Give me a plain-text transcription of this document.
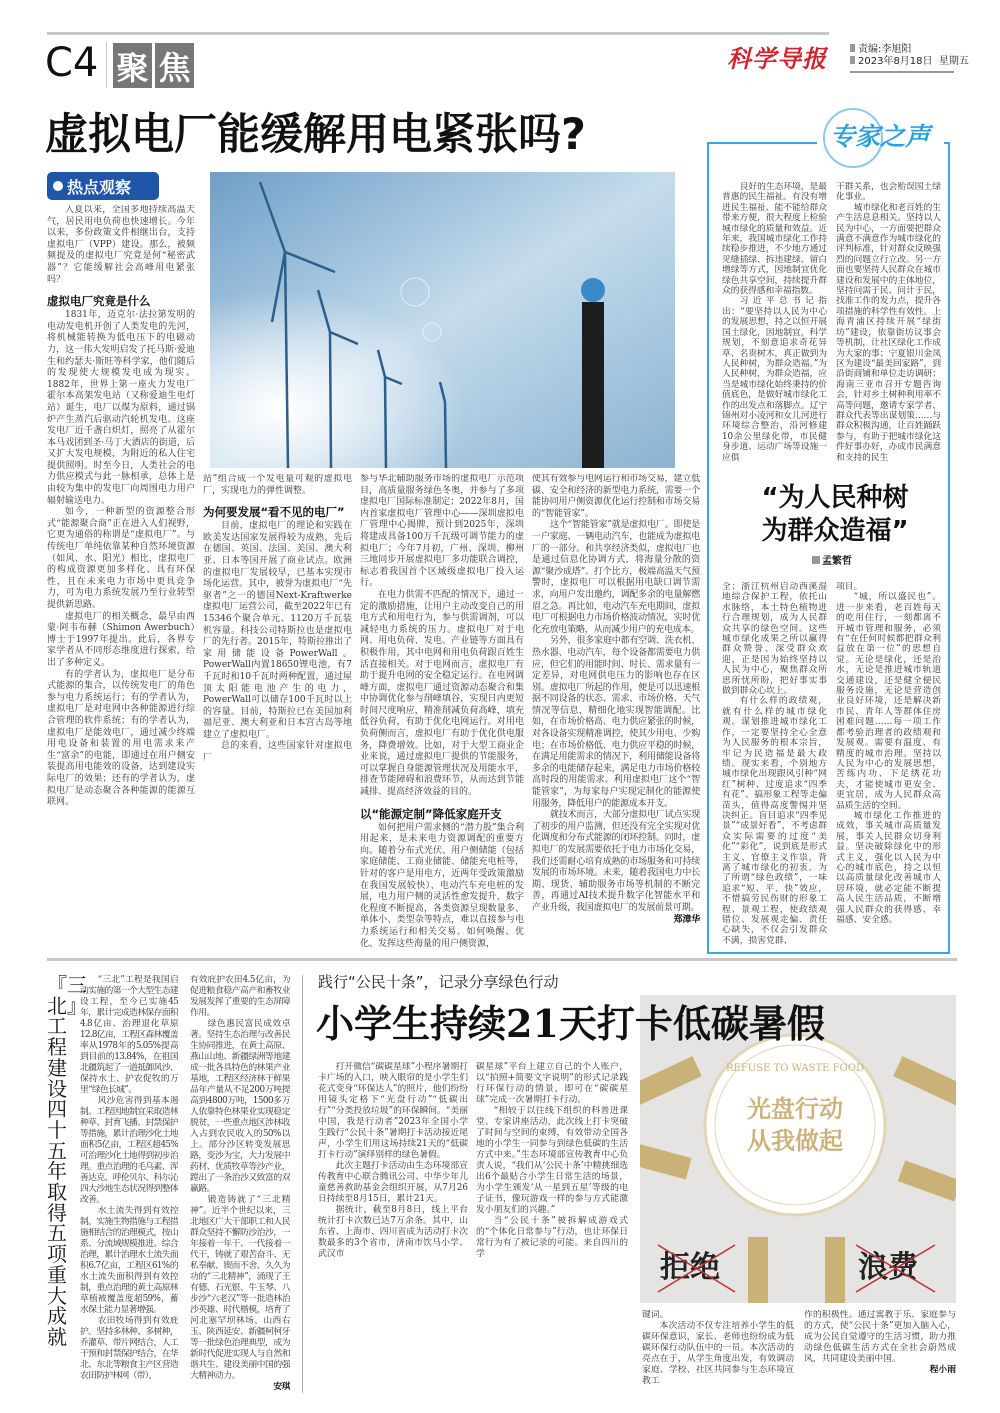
C4 聚 焦	科学导报	责编:李旭阳
2023年8月18日 星期五
虚拟电厂能缓解用电紧张吗?
热点观察

入夏以来，全国多地持续高温天气，居民用电负荷也快速增长。今年以来，多份政策文件相继出台，支持虚拟电厂（VPP）建设。那么，被频频提及的虚拟电厂究竟是何“秘密武器”？它能缓解社会高峰用电紧张吗？

虚拟电厂究竟是什么

1831年，迈克尔·法拉第发明的电动发电机开创了人类发电的先河，将机械能转换为低电压下的电磁动力，这一伟大发明启发了托马斯·爱迪生和约瑟夫·斯旺等科学家，他们随后的发现使大规模发电成为现实。1882年，世界上第一座火力发电厂霍尔本高架发电站（又称爱迪生电灯站）诞生，电厂以煤为原料，通过锅炉产生蒸汽后驱动汽轮机发电。这座发电厂近千盏白炽灯，照亮了从霍尔本马戏团到圣·马丁大酒店的街道，后又扩大发电规模，为附近的私人住宅提供照明。时至今日，人类社会的电力供应模式与此一脉相承，总体上是由较为集中的发电厂向周围电力用户辐射输送电力。

如今，一种新型的资源整合形式“能源聚合商”正在进入人们视野，它更为通俗的称谓是“虚拟电厂”。与传统电厂单纯依靠某种自然环境资源（如风、水、阳光）相比，虚拟电厂的构成资源更加多样化、具有环保性，且在未来电力市场中更具竞争力，可为电力系统发展乃至行业转型提供新思路。

虚拟电厂的相关概念，最早由西蒙·阿韦布赫（Shimon Awerbuch）博士于1997年提出。此后，各界专家学者从不同形态维度进行探索，给出了多种定义。

有的学者认为，虚拟电厂是分布式能源的集合，以传统发电厂的角色参与电力系统运行；有的学者认为，虚拟电厂是对电网中各种能源进行综合管理的软件系统；有的学者认为，虚拟电厂是能效电厂，通过减少终端用电设备和装置的用电需求来产生“富余”的电能，即通过在用户侧安装提高用电能效的设备，达到建设实际电厂的效果；还有的学者认为，虚拟电厂是动态聚合各种能源的能源互联网。

站”组合成一个发电量可观的虚拟电厂，实现电力的弹性调整。

为何要发展“看不见的电厂”

目前，虚拟电厂的理论和实践在欧美发达国家发展得较为成熟，先后在德国、英国、法国、美国、澳大利亚、日本等国开展了商业试点。欧洲的虚拟电厂发展较早，已基本实现市场化运营。其中，被誉为虚拟电厂“先驱者”之一的德国Next-Kraftwerke虚拟电厂运营公司，截至2022年已有15346个聚合单元、1120万千瓦装机容量。科技公司特斯拉也是虚拟电厂的先行者。2015年，特斯拉推出了家用储能设备PowerWall。PowerWall内置18650锂电池，有7千瓦时和10千瓦时两种配置，通过屋顶太阳能电池产生的电力，PowerWall可以储存100千瓦时以上的容量。目前，特斯拉已在美国加利福尼亚、澳大利亚和日本宫古岛等地建立了虚拟电厂。

总的来看，这些国家针对虚拟电厂

参与华北辅助服务市场的虚拟电厂示范项目，高质量服务绿色冬奥，并参与了多项虚拟电厂国际标准制定；2022年8月，国内首家虚拟电厂管理中心——深圳虚拟电厂管理中心揭牌，预计到2025年，深圳将建成具备100万千瓦级可调节能力的虚拟电厂；今年7月初，广州、深圳、柳州三地同步开展虚拟电厂多功能联合调控，标志着我国首个区域级虚拟电厂投入运行。

在电力供需不匹配的情况下，通过一定的激励措施，让用户主动改变自己的用电方式和用电行为，参与供需调剂，可以减轻电力系统的压力。虚拟电厂对于电网、用电负荷、发电、产业链等方面具有积极作用，其中电网和用电负荷跟百姓生活直接相关。对于电网而言，虚拟电厂有助于提升电网的安全稳定运行。在电网调峰方面，虚拟电厂通过资源动态聚合和集中协调优化参与削峰填谷，实现日内更短时间尺度响应，精准削减负荷高峰，填充低谷负荷，有助于优化电网运行。对用电负荷侧而言，虚拟电厂有助于优化供电服务，降费增效。比如，对于大型工商业企业来说，通过虚拟电厂提供的节能服务，可以掌握自身能源管理状况及用能水平，排查节能障碍和浪费环节，从而达到节能减排、提高经济效益的目的。

以“能源定制”降低家庭开支

如何把用户需求侧的“潜力股”集合利用起来，是未来电力资源调配的重要方向。随着分布式光伏、用户侧储能（包括家庭储能、工商业储能、储能充电桩等，针对的客户是用电方，近两年受政策激励在我国发展较快）、电动汽车充电桩的发展，电力用户侧的灵活性愈发提升，数字化程度不断提高，各类资源呈现数量多、单体小、类型杂等特点，难以直接参与电力系统运行和相关交易。如何唤醒、优化、发挥这些海量的用户侧资源，

使其有效参与电网运行和市场交易，建立低碳、安全和经济的新型电力系统，需要一个能协同用户侧资源优化运行控制和市场交易的“智能管家”。

这个“智能管家”就是虚拟电厂。即使是一户家庭、一辆电动汽车，也能成为虚拟电厂的一部分。和共享经济类似，虚拟电厂也是通过信息化协调方式，将海量分散的资源“聚沙成塔”。打个比方，极端高温天气预警时，虚拟电厂可以根据用电缺口调节需求，向用户发出邀约，调配多余的电量解燃眉之急。再比如，电动汽车充电期间，虚拟电厂可根据电力市场价格波动情况，实时优化充放电策略，从而减少用户的充电成本。

另外，很多家庭中都有空调、洗衣机、热水器、电动汽车，每个设备都需要电力供应，但它们的用能时间、时长、需求量有一定差异，对电网供电压力的影响也存在区别。虚拟电厂所起的作用，便是可以迅速根据不同设备的状态、需求、市场价格、天气情况等信息，精细化地实现智能调配。比如，在市场价格高、电力供应紧张的时候，对各设备实现精准调控，使其少用电、少购电；在市场价格低、电力供应平稳的时候，在满足用能需求的情况下，利用储能设备将多余的电能储存起来，满足电力市场价格较高时段的用能需求。利用虚拟电厂这个“智能管家”，为每家每户实现定制化的能源使用服务，降低用户的能源成本开支。

就技术而言，大部分虚拟电厂试点实现了初步的用户监测，但还没有完全实现对优化调度和分布式能源的闭环控制。同时，虚拟电厂的发展需要依托于电力市场化交易，我们还需耐心培育成熟的市场服务和可持续发展的市场环境。未来，随着我国电力中长期、现货、辅助服务市场等机制的不断完善，再通过AI技术提升数字化智能水平和产业升级，我国虚拟电厂的发展前景可期。

郑漳华
专家之声

良好的生态环境，是最普惠的民生福祉。有没有增进民生福祉、能不能给群众带来方便，很大程度上检验城市绿化的质量和效益。近年来，我国城市绿化工作持续稳步推进，不少地方通过见缝插绿、拆违建绿、留白增绿等方式，因地制宜优化绿色共享空间，持续提升群众的获得感和幸福指数。

习近平总书记指出：“要坚持以人民为中心的发展思想，持之以恒开展国土绿化，因地制宜，科学规划，不刻意追求奇花异草、名贵树木，真正做到为人民种树，为群众造福。”为人民种树，为群众造福，应当是城市绿化始终秉持的价值底色，是做好城市绿化工作的出发点和落脚点。辽宁锦州对小凌河和女儿河进行环境综合整治，沿河修建10余公里绿化带，市民健身步道、运动广场等设施一应俱

干群关系，也会贻误国土绿化事业。

城市绿化和老百姓的生产生活息息相关。坚持以人民为中心，一方面要把群众满意不满意作为城市绿化的评判标准，针对群众反映强烈的问题立行立改。另一方面也要坚持人民群众在城市建设和发展中的主体地位，坚持问需于民、问计于民，找准工作的发力点，提升各项措施的科学性有效性。上海青浦区持续开展“绿街坊”建设，依靠街坊议事会等机制，让社区绿化工作成为大家的事；宁夏银川金凤区为建设“最美回家路”，到沿街商铺和单位走访调研；海南三亚市召开专题咨询会，针对乡土树种利用率不高等问题，邀请专家学者、群众代表等出谋划策……与群众积极沟通，让百姓踊跃参与，有助于把城市绿化这件好事办好，办成市民满意和支持的民生

“为人民种树
为群众造福”
孟繁哲

全；浙江杭州启动西溪湿地综合保护工程，依托山水脉络，本土特色植物进行合理规划，成为人民群众共享的绿色空间。这些城市绿化成果之所以赢得群众赞誉、深受群众欢迎，正是因为始终坚持以人民为中心，聚焦群众所思所忧所盼，把好事实事做到群众心坎上。

有什么样的政绩观，就有什么样的城市绿化观。谋划推进城市绿化工作，一定要坚持全心全意为人民服务的根本宗旨，牢记为民造福是最大政绩。现实来看，个别地方城市绿化出现跟风引种“网红”树种、过度追求“四季有花”、搞形象工程等走偏苗头，值得高度警惕并坚决纠正。盲目追求“四季见景”“成景好看”，不考虑群众实际需要的过度“美化”“彩化”，说到底是形式主义、官僚主义作祟，背离了城市绿化的初衷。为了所谓“绿色政绩”，一味追求“短、平、快”效应，不惜搞劳民伤财的形象工程、景观工程，使政绩观错位、发展观走偏、责任心缺失，不仅会引发群众不满，损害党群、

项目。

“城，所以盛民也”。进一步来看，老百姓每天的吃用住行，一刻都离不开城市管理和服务，必须有“在任何时候都把群众利益放在第一位”的思想自觉。无论是绿化，还是治水，无论是推进城市轨道交通建设，还是健全便民服务设施，无论是营造创业良好环境，还是解决新市民、青年人等群体住房困难问题……每一项工作都考验治理者的政绩观和发展观。需要有温度、有精度的城市治理。坚持以人民为中心的发展思想，苦练内功、下足绣花功夫，才能使城市更安全、更宜居，成为人民群众高品质生活的空间。

城市绿化工作推进的成效，事关城市高质量发展，事关人民群众切身利益。坚决破除绿化中的形式主义，强化以人民为中心的城市底色，持之以恒以高质量绿化改善城市人居环境，就必定能不断提高人民生活品质，不断增强人民群众的获得感、幸福感、安全感。

『三北』工程建设四十五年取得五项重大成就

“三北”工程是我国启动实施的第一个大型生态建设工程，至今已实施45年，累计完成造林保存面积4.8亿亩、治理退化草原12.8亿亩，工程区森林覆盖率从1978年的5.05%提高到目前的13.84%，在祖国北疆筑起了一道抵御风沙、保持水土、护农促牧的万里“绿色长城”。

风沙危害得到基本遏制。工程因地制宜采取造林种草、封育飞播、封禁保护等措施，累计治理沙化土地面积5亿亩，工程区超45%可治理沙化土地得到初步治理。重点治理的毛乌素、浑善达克、呼伦贝尔、科尔沁四大沙地生态状况得到整体改善。

水土流失得到有效控制。实施生物措施与工程措施相结合的治理模式，按山系、分流域规模推进、综合治理，累计治理水土流失面积6.7亿亩，工程区61%的水土流失面积得到有效控制，重点治理的黄土高原林草植被覆盖度超59%，蓄水保土能力显著增强。

农田牧场得到有效庇护。坚持多林种、多树种，乔灌草、带片网结合，人工干预和封禁保护结合，在华北、东北等粮食主产区营造农田防护林网（带），

有效庇护农田4.5亿亩，为促进粮食稳产高产和畜牧业发展发挥了重要的生态屏障作用。

绿色惠民富民成效卓著。坚持生态治理与改善民生协同推进，在黄土高原、燕山山地、新疆绿洲等地建成一批各具特色的林果产业基地，工程区经济林干鲜果品年产量从不足200万吨提高到4800万吨，1500多万人依靠特色林果业实现稳定脱贫，一些重点地区涉林收入占到农民收入的50%以上。部分沙区转变发展思路，变沙为宝，大力发展中药材、优质牧草等沙产业，蹚出了一条治沙又致富的双赢路。

锻造铸就了“三北精神”。近半个世纪以来，三北地区广大干部职工和人民群众坚持不懈防沙治沙，一年接着一年干、一代接着一代干，铸就了艰苦奋斗、无私奉献、锲而不舍、久久为功的“三北精神”，涌现了王有德、石光银、牛玉琴、八步沙“六老汉”等一批造林治沙英雄、时代楷模，培育了河北塞罕坝林场、山西右玉、陕西延安、新疆柯柯牙等一批绿色治理典型，成为新时代促进实现人与自然和谐共生、建设美丽中国的强大精神动力。

安琪
践行“公民十条”，记录分享绿色行动
REFUSE TO WASTE FOOD
光盘行动
从我做起
拒绝	浪费
小学生持续21天打卡低碳暑假

打开微信“碳碳星球”小程序暑期打卡广场的入口，映入眼帘的是小学生们花式变身“环保达人”的照片，他们纷纷用镜头定格下“光盘行动”“低碳出行”“分类投放垃圾”的环保瞬间。“美丽中国，我是行动者”2023年全国小学生践行“公民十条”暑期打卡活动接近尾声，小学生们用这场持续21天的“低碳打卡行动”演绎别样的绿色暑假。

此次主题打卡活动由生态环境部宣传教育中心联合腾讯公司、中华少年儿童慈善救助基金会组织开展，从7月26日持续至8月15日，累计21天。

据统计，截至8月8日，线上平台统计打卡次数已达7万余条。其中，山东省、上海市、四川省成为活动打卡次数最多的3个省市，济南市饮马小学、武汉市

碳星球”平台上建立自己的个人账户，以“拍照+简要文字说明”的形式记录践行环保行动的情景，即可在“碳碳星球”完成一次暑期打卡行动。

“相较于以往线下组织的科普进课堂、专家讲座活动，此次线上打卡突破了时间与空间的束缚，有效带动全国各地的小学生一同参与到绿色低碳的生活方式中来。”生态环境部宣传教育中心负责人说，“我们从‘公民十条’中精挑细选出6个最贴合小学生日常生活的场景，为小学生颁发‘从一星到五星’等级的电子证书，像玩游戏一样的参与方式能激发小朋友们的兴趣。”

当“公民十条”被拆解成游戏式的“个体化日常参与”行动，也让环保日常行为有了被记录的可能。来自四川的学

键词。

本次活动不仅专注培养小学生的低碳环保意识，家长、老师也纷纷成为低碳环保行动队伍中的一员。本次活动的亮点在于，从学生角度出发，有效调动家庭、学校、社区共同参与生态环境宣教工

作的积极性。通过寓教于乐、家庭参与的方式，使“公民十条”更加入脑入心，成为公民自觉遵守的生活习惯，助力推动绿色低碳生活方式在全社会蔚然成风，共同建设美丽中国。

程小雨
